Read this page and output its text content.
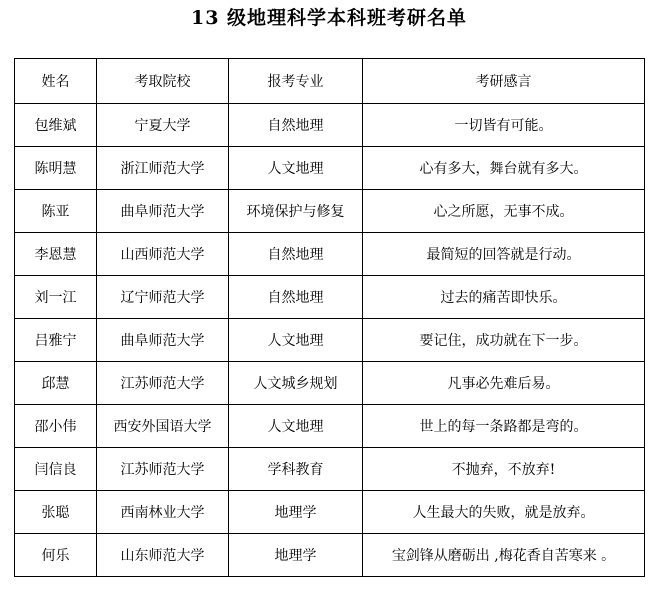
13 级地理科学本科班考研名单
姓名	考取院校	报考专业	考研感言
包维斌	宁夏大学	自然地理	一切皆有可能。
陈明慧	浙江师范大学	人文地理	心有多大，舞台就有多大。
陈亚	曲阜师范大学	环境保护与修复	心之所愿，无事不成。
李恩慧	山西师范大学	自然地理	最简短的回答就是行动。
刘一江	辽宁师范大学	自然地理	过去的痛苦即快乐。
吕雅宁	曲阜师范大学	人文地理	要记住，成功就在下一步。
邱慧	江苏师范大学	人文城乡规划	凡事必先难后易。
邵小伟	西安外国语大学	人文地理	世上的每一条路都是弯的。
闫信良	江苏师范大学	学科教育	不抛弃，不放弃!
张聪	西南林业大学	地理学	人生最大的失败，就是放弃。
何乐	山东师范大学	地理学	宝剑锋从磨砺出 ,梅花香自苦寒来 。
